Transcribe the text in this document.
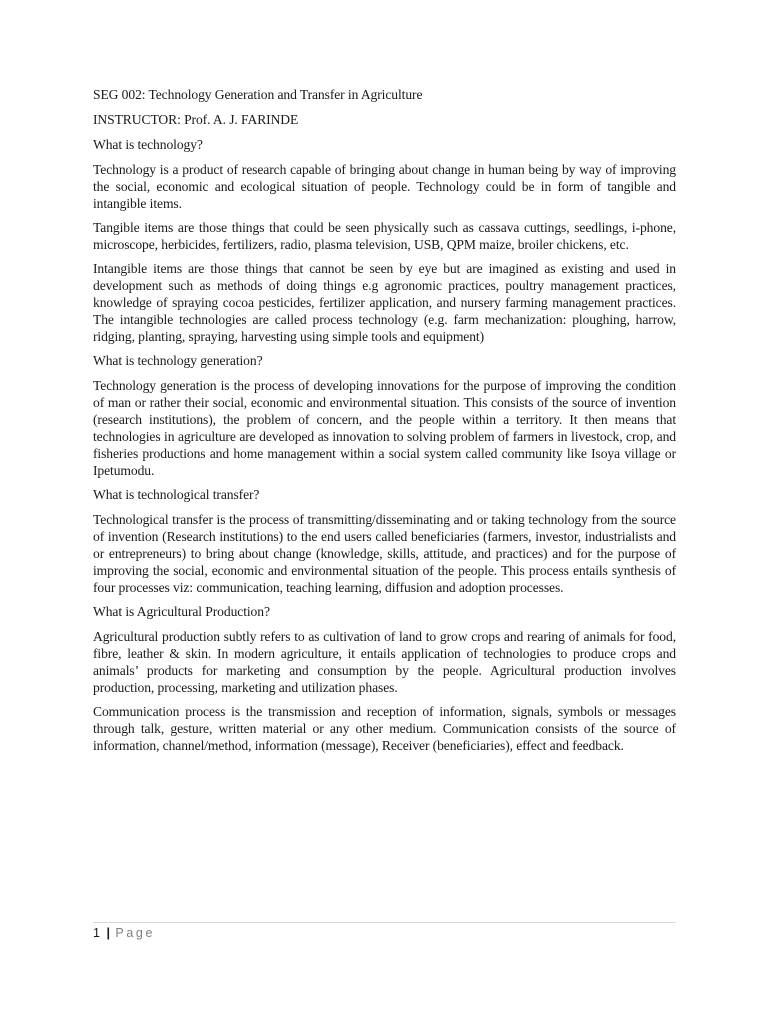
SEG 002: Technology Generation and Transfer in Agriculture

INSTRUCTOR: Prof. A. J. FARINDE

What is technology?

Technology is a product of research capable of bringing about change in human being by way of improving the social, economic and ecological situation of people. Technology could be in form of tangible and intangible items.

Tangible items are those things that could be seen physically such as cassava cuttings, seedlings, i-phone, microscope, herbicides, fertilizers, radio, plasma television, USB, QPM maize, broiler chickens, etc.

Intangible items are those things that cannot be seen by eye but are imagined as existing and used in development such as methods of doing things e.g agronomic practices, poultry management practices, knowledge of spraying cocoa pesticides, fertilizer application, and nursery farming management practices. The intangible technologies are called process technology (e.g. farm mechanization: ploughing, harrow, ridging, planting, spraying, harvesting using simple tools and equipment)

What is technology generation?

Technology generation is the process of developing innovations for the purpose of improving the condition of man or rather their social, economic and environmental situation. This consists of the source of invention (research institutions), the problem of concern, and the people within a territory. It then means that technologies in agriculture are developed as innovation to solving problem of farmers in livestock, crop, and fisheries productions and home management within a social system called community like Isoya village or Ipetumodu.

What is technological transfer?

Technological transfer is the process of transmitting/disseminating and or taking technology from the source of invention (Research institutions) to the end users called beneficiaries (farmers, investor, industrialists and or entrepreneurs) to bring about change (knowledge, skills, attitude, and practices) and for the purpose of improving the social, economic and environmental situation of the people. This process entails synthesis of four processes viz: communication, teaching learning, diffusion and adoption processes.

What is Agricultural Production?

Agricultural production subtly refers to as cultivation of land to grow crops and rearing of animals for food, fibre, leather & skin. In modern agriculture, it entails application of technologies to produce crops and animals’ products for marketing and consumption by the people. Agricultural production involves production, processing, marketing and utilization phases.

Communication process is the transmission and reception of information, signals, symbols or messages through talk, gesture, written material or any other medium. Communication consists of the source of information, channel/method, information (message), Receiver (beneficiaries), effect and feedback.

1 | Page
